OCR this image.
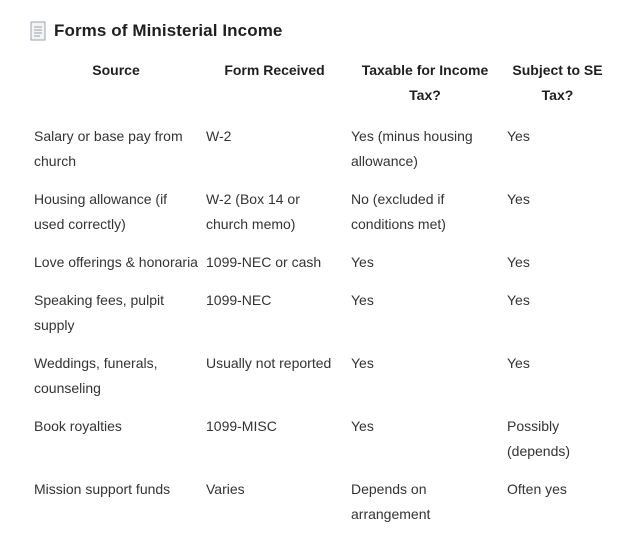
Forms of Ministerial Income
Source	Form Received	Taxable for Income Tax?	Subject to SE Tax?
Salary or base pay from church	W-2	Yes (minus housing allowance)	Yes
Housing allowance (if used correctly)	W-2 (Box 14 or church memo)	No (excluded if conditions met)	Yes
Love offerings & honoraria	1099-NEC or cash	Yes	Yes
Speaking fees, pulpit supply	1099-NEC	Yes	Yes
Weddings, funerals, counseling	Usually not reported	Yes	Yes
Book royalties	1099-MISC	Yes	Possibly (depends)
Mission support funds	Varies	Depends on arrangement	Often yes
